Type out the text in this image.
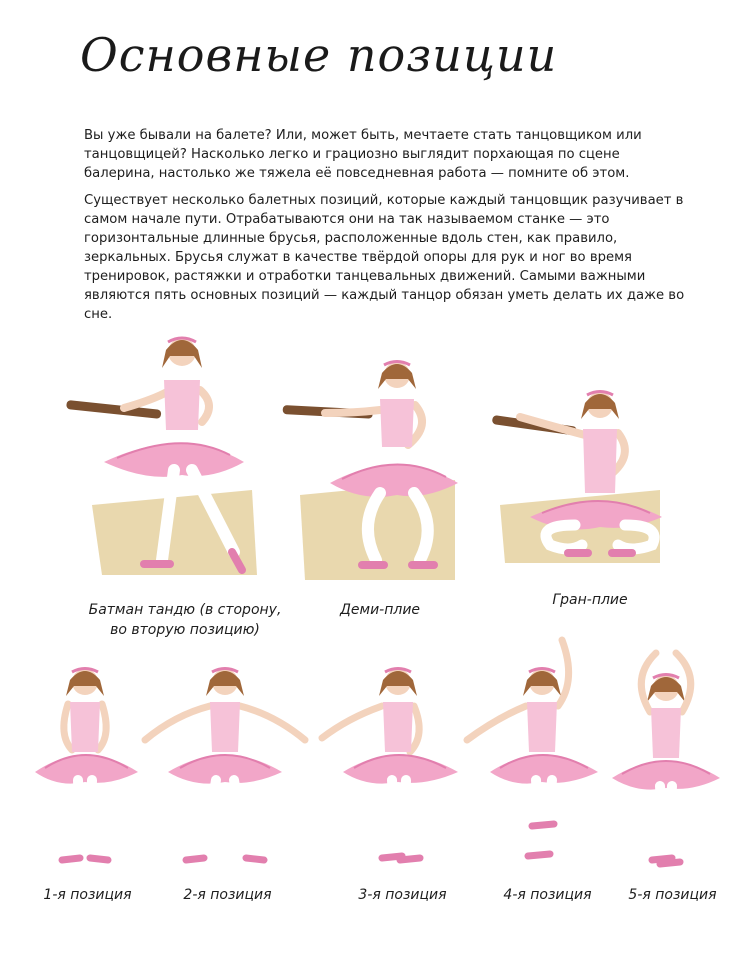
Основные позиции

Вы уже бывали на балете? Или, может быть, мечтаете стать танцовщиком или танцовщицей? Насколько легко и грациозно выглядит порхающая по сцене балерина, настолько же тяжела её повседневная работа — помните об этом.

Существует несколько балетных позиций, которые каждый танцовщик разучивает в самом начале пути. Отрабатываются они на так называемом станке — это горизонтальные длинные брусья, расположенные вдоль стен, как правило, зеркальных. Брусья служат в качестве твёрдой опоры для рук и ног во время тренировок, растяжки и отработки танцевальных движений. Самыми важными являются пять основных позиций — каждый танцор обязан уметь делать их даже во сне.

Батман тандю (в сторону,
во вторую позицию)
Деми-плие
Гран-плие
1-я позиция	2-я позиция	3-я позиция	4-я позиция	5-я позиция
